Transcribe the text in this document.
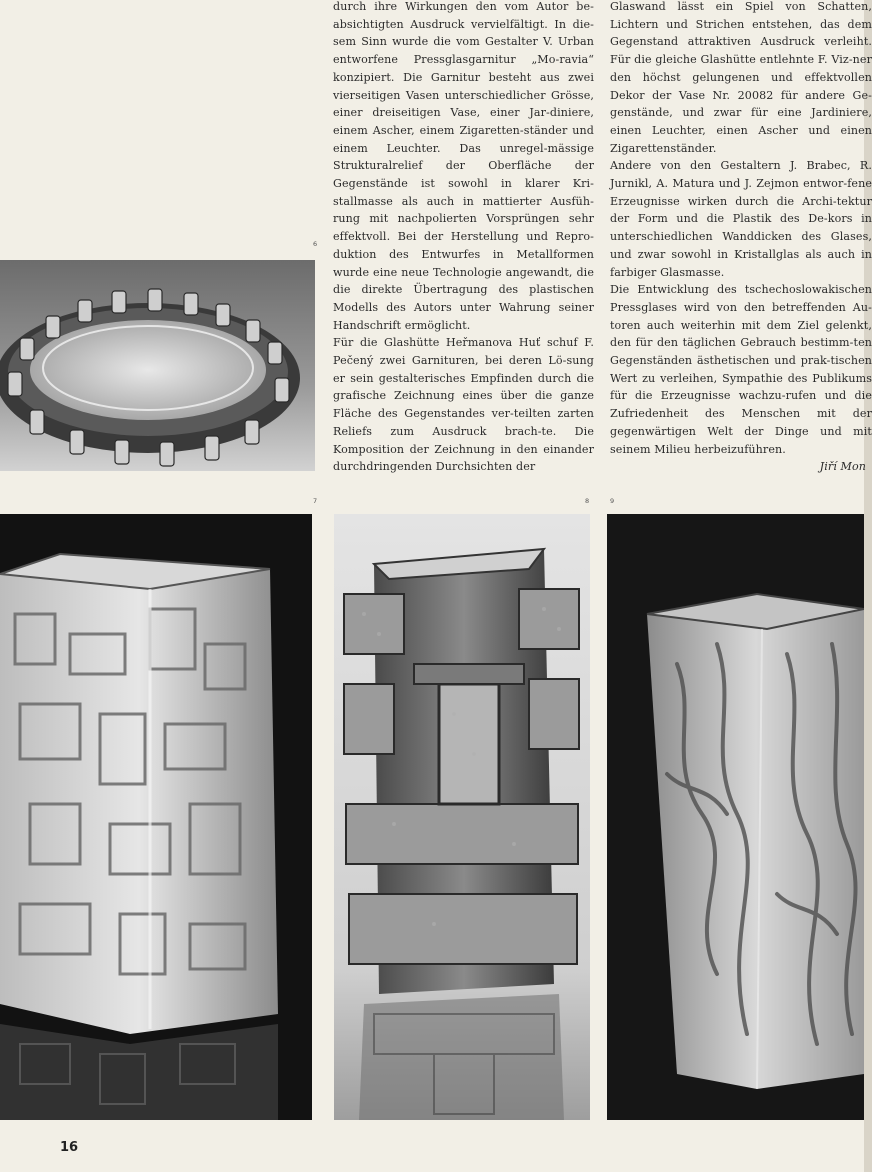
durch ihre Wirkungen den vom Autor be-absichtigten Ausdruck vervielfältigt. In die-sem Sinn wurde die vom Gestalter V. Urban entworfene Pressglasgarnitur „Mo-ravia“ konzipiert. Die Garnitur besteht aus zwei vierseitigen Vasen unterschiedlicher Grösse, einer dreiseitigen Vase, einer Jar-diniere, einem Ascher, einem Zigaretten-ständer und einem Leuchter. Das unregel-mässige Strukturalrelief der Oberfläche der Gegenstände ist sowohl in klarer Kri-stallmasse als auch in mattierter Ausfüh-rung mit nachpolierten Vorsprüngen sehr effektvoll. Bei der Herstellung und Repro-duktion des Entwurfes in Metallformen wurde eine neue Technologie angewandt, die die direkte Übertragung des plastischen Modells des Autors unter Wahrung seiner Handschrift ermöglicht.

Für die Glashütte Heřmanova Huť schuf F. Pečený zwei Garnituren, bei deren Lö-sung er sein gestalterisches Empfinden durch die grafische Zeichnung eines über die ganze Fläche des Gegenstandes ver-teilten zarten Reliefs zum Ausdruck brach-te. Die Komposition der Zeichnung in den einander durchdringenden Durchsichten der

Glaswand lässt ein Spiel von Schatten, Lichtern und Strichen entstehen, das dem Gegenstand attraktiven Ausdruck verleiht. Für die gleiche Glashütte entlehnte F. Viz-ner den höchst gelungenen und effektvollen Dekor der Vase Nr. 20082 für andere Ge-genstände, und zwar für eine Jardiniere, einen Leuchter, einen Ascher und einen Zigarettenständer.

Andere von den Gestaltern J. Brabec, R. Jurnikl, A. Matura und J. Zejmon entwor-fene Erzeugnisse wirken durch die Archi-tektur der Form und die Plastik des De-kors in unterschiedlichen Wanddicken des Glases, und zwar sowohl in Kristallglas als auch in farbiger Glasmasse.

Die Entwicklung des tschechoslowakischen Pressglases wird von den betreffenden Au-toren auch weiterhin mit dem Ziel gelenkt, den für den täglichen Gebrauch bestimm-ten Gegenständen ästhetischen und prak-tischen Wert zu verleihen, Sympathie des Publikums für die Erzeugnisse wachzu-rufen und die Zufriedenheit des Menschen mit der gegenwärtigen Welt der Dinge und mit seinem Milieu herbeizuführen.

Jiří Mon

6
7	8	9
16
